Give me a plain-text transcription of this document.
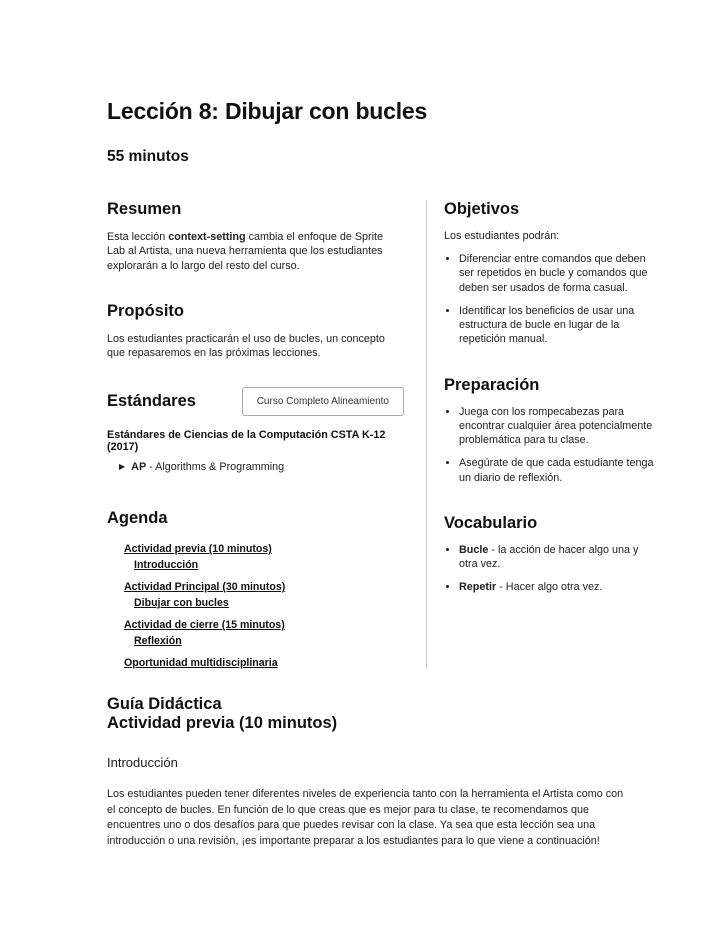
Lección 8: Dibujar con bucles
55 minutos
Resumen

Esta lección context-setting cambia el enfoque de Sprite Lab al Artista, una nueva herramienta que los estudiantes explorarán a lo largo del resto del curso.

Propósito

Los estudiantes practicarán el uso de bucles, un concepto que repasaremos en las próximas lecciones.

Estándares	Curso Completo Alineamiento

Estándares de Ciencias de la Computación CSTA K-12 (2017)

▶ AP - Algorithms & Programming
Agenda
Actividad previa (10 minutos)
Introducción
Actividad Principal (30 minutos)
Dibujar con bucles
Actividad de cierre (15 minutos)
Reflexión
Oportunidad multidisciplinaria
Objetivos

Los estudiantes podrán:

• Diferenciar entre comandos que deben ser repetidos en bucle y comandos que deben ser usados de forma casual.
• Identificar los beneficios de usar una estructura de bucle en lugar de la repetición manual.
Preparación
• Juega con los rompecabezas para encontrar cualquier área potencialmente problemática para tu clase.
• Asegúrate de que cada estudiante tenga un diario de reflexión.
Vocabulario
• Bucle - la acción de hacer algo una y otra vez.
• Repetir - Hacer algo otra vez.
Guía Didáctica
Actividad previa (10 minutos)
Introducción

Los estudiantes pueden tener diferentes niveles de experiencia tanto con la herramienta el Artista como con el concepto de bucles. En función de lo que creas que es mejor para tu clase, te recomendamos que encuentres uno o dos desafíos para que puedes revisar con la clase. Ya sea que esta lección sea una introducción o una revisión, ¡es importante preparar a los estudiantes para lo que viene a continuación!
